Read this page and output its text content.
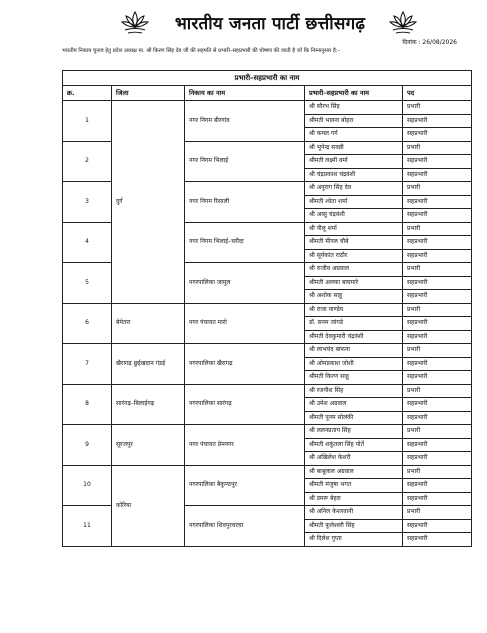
भारतीय जनता पार्टी छत्तीसगढ़
दिनांक : 26/08/2026
भारतीय निकाय चुनाव हेतु प्रदेश अध्यक्ष मा. श्री किरण सिंह देव जी की सहमति से प्रभारी–सहप्रभारी की घोषणा की जाती है जो कि निम्नानुसार है:–
प्रभारी–सहप्रभारी का नाम				
क्र.	जिला	निकाय का नाम	प्रभारी–सहप्रभारी का नाम	पद
1	दुर्ग	नगर निगम बीरगांव	श्री सौरभ सिंह	प्रभारी
			श्रीमती भावना बोहरा	सहप्रभारी
			श्री कमल गर्ग	सहप्रभारी
2		नगर निगम भिलाई	श्री भूपेन्द्र सवन्नी	प्रभारी
			श्रीमती लक्ष्मी वर्मा	सहप्रभारी
			श्री चंद्रप्रकाश चंद्रवंशी	सहप्रभारी
3		नगर निगम रिसाली	श्री अनुराग सिंह देव	प्रभारी
			श्रीमती श्वेता शर्मा	सहप्रभारी
			श्री आसु चंद्रवंशी	सहप्रभारी
4		नगर निगम भिलाई–चरौदा	श्री नीलू शर्मा	प्रभारी
			श्रीमती मीनल चौबे	सहप्रभारी
			श्री सूर्यकांत राठौर	सहप्रभारी
5		नगरपालिका जामुल	श्री राजीव अग्रवाल	प्रभारी
			श्रीमती अलका बाघमारे	सहप्रभारी
			श्री अशोक साहू	सहप्रभारी
6	बेमेतरा	नगर पंचायत मारो	श्री राजा पाण्डेय	प्रभारी
			डॉ. सनम जांगडे	सहप्रभारी
			श्रीमती देवकुमारी चंद्रवंशी	सहप्रभारी
7	खैरागढ़ छुईखदान गंडई	नगरपालिका खैरागढ़	श्री लाभचंद बाफना	प्रभारी
			श्री ओमप्रकाश जोशी	सहप्रभारी
			श्रीमती किरण साहू	सहप्रभारी
8	सारंगढ़–बिलाईगढ़	नगरपालिका सारंगढ़	श्री रजनीश सिंह	प्रभारी
			श्री उमेश अग्रवाल	सहप्रभारी
			श्रीमती पूनम सोलंकी	सहप्रभारी
9	सूरजपुर	नगर पंचायत प्रेमनगर	श्री ललनप्रताप सिंह	प्रभारी
			श्रीमती शकुंतला सिंह पोर्ते	सहप्रभारी
			श्री अखिलेश केशरी	सहप्रभारी
10	कोरिया	नगरपालिका बैकुण्ठपुर	श्री बाबूलाल अग्रवाल	प्रभारी
			श्रीमती मंजुषा भगत	सहप्रभारी
			श्री डमरू बेहरा	सहप्रभारी
11		नगरपालिका शिवपुरचरचा	श्री अनिल केशरवानी	प्रभारी
			श्रीमती फुलेश्वरी सिंह	सहप्रभारी
			श्री दिलेश गुप्ता	सहप्रभारी
